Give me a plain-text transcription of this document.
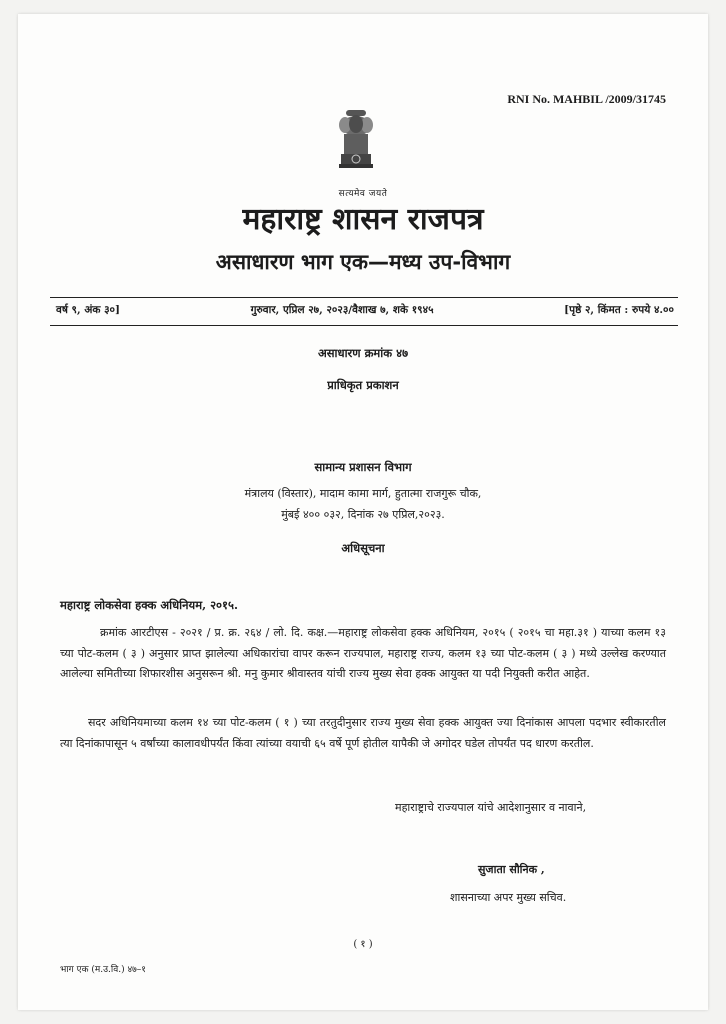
RNI No. MAHBIL /2009/31745
सत्यमेव जयते
महाराष्ट्र शासन राजपत्र
असाधारण भाग एक—मध्य उप-विभाग
वर्ष ९, अंक ३०]	गुरुवार, एप्रिल २७, २०२३/वैशाख ७, शके १९४५	[पृष्ठे २, किंमत : रुपये ४.००
असाधारण क्रमांक ४७
प्राधिकृत प्रकाशन
सामान्य प्रशासन विभाग
मंत्रालय (विस्तार), मादाम कामा मार्ग, हुतात्मा राजगुरू चौक,
मुंबई ४०० ०३२, दिनांक २७ एप्रिल,२०२३.
अधिसूचना
महाराष्ट्र लोकसेवा हक्क अधिनियम, २०१५.
क्रमांक आरटीएस - २०२१ / प्र. क्र. २६४ / लो. दि. कक्ष.—महाराष्ट्र लोकसेवा हक्क अधिनियम, २०१५ ( २०१५ चा महा.३१ ) याच्या कलम १३ च्या पोट-कलम ( ३ ) अनुसार प्राप्त झालेल्या अधिकारांचा वापर करून राज्यपाल, महाराष्ट्र राज्य, कलम १३ च्या पोट-कलम ( ३ ) मध्ये उल्लेख करण्यात आलेल्या समितीच्या शिफारशीस अनुसरून श्री. मनु कुमार श्रीवास्तव यांची राज्य मुख्य सेवा हक्क आयुक्त या पदी नियुक्ती करीत आहेत.
सदर अधिनियमाच्या कलम १४ च्या पोट-कलम ( १ ) च्या तरतुदीनुसार राज्य मुख्य सेवा हक्क आयुक्त ज्या दिनांकास आपला पदभार स्वीकारतील त्या दिनांकापासून ५ वर्षांच्या कालावधीपर्यंत किंवा त्यांच्या वयाची ६५ वर्षे पूर्ण होतील यापैकी जे अगोदर घडेल तोपर्यंत पद धारण करतील.
महाराष्ट्राचे राज्यपाल यांचे आदेशानुसार व नावाने,
सुजाता सौनिक ,
शासनाच्या अपर मुख्य सचिव.
( १ )
भाग एक (म.उ.वि.) ४७–१
